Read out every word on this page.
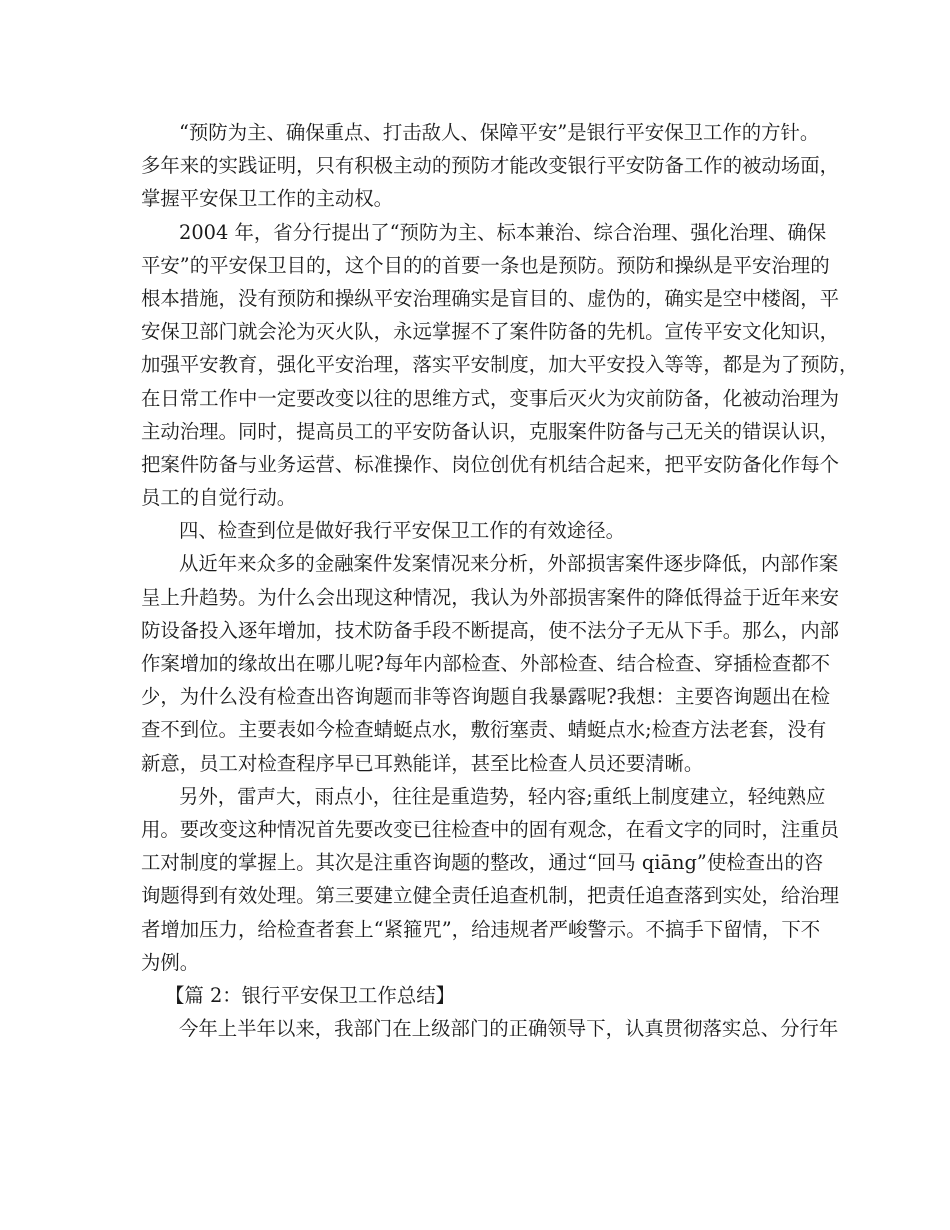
“预防为主、确保重点、打击敌人、保障平安”是银行平安保卫工作的方针。
多年来的实践证明，只有积极主动的预防才能改变银行平安防备工作的被动场面，
掌握平安保卫工作的主动权。
2004 年，省分行提出了“预防为主、标本兼治、综合治理、强化治理、确保
平安”的平安保卫目的，这个目的的首要一条也是预防。预防和操纵是平安治理的
根本措施，没有预防和操纵平安治理确实是盲目的、虚伪的，确实是空中楼阁，平
安保卫部门就会沦为灭火队，永远掌握不了案件防备的先机。宣传平安文化知识，
加强平安教育，强化平安治理，落实平安制度，加大平安投入等等，都是为了预防，
在日常工作中一定要改变以往的思维方式，变事后灭火为灾前防备，化被动治理为
主动治理。同时，提高员工的平安防备认识，克服案件防备与己无关的错误认识，
把案件防备与业务运营、标准操作、岗位创优有机结合起来，把平安防备化作每个
员工的自觉行动。
四、检查到位是做好我行平安保卫工作的有效途径。
从近年来众多的金融案件发案情况来分析，外部损害案件逐步降低，内部作案
呈上升趋势。为什么会出现这种情况，我认为外部损害案件的降低得益于近年来安
防设备投入逐年增加，技术防备手段不断提高，使不法分子无从下手。那么，内部
作案增加的缘故出在哪儿呢?每年内部检查、外部检查、结合检查、穿插检查都不
少，为什么没有检查出咨询题而非等咨询题自我暴露呢?我想：主要咨询题出在检
查不到位。主要表如今检查蜻蜓点水，敷衍塞责、蜻蜓点水;检查方法老套，没有
新意，员工对检查程序早已耳熟能详，甚至比检查人员还要清晰。
另外，雷声大，雨点小，往往是重造势，轻内容;重纸上制度建立，轻纯熟应
用。要改变这种情况首先要改变已往检查中的固有观念，在看文字的同时，注重员
工对制度的掌握上。其次是注重咨询题的整改，通过“回马 qiāng”使检查出的咨
询题得到有效处理。第三要建立健全责任追查机制，把责任追查落到实处，给治理
者增加压力，给检查者套上“紧箍咒”，给违规者严峻警示。不搞手下留情，下不
为例。
【篇 2：银行平安保卫工作总结】
今年上半年以来，我部门在上级部门的正确领导下，认真贯彻落实总、分行年
